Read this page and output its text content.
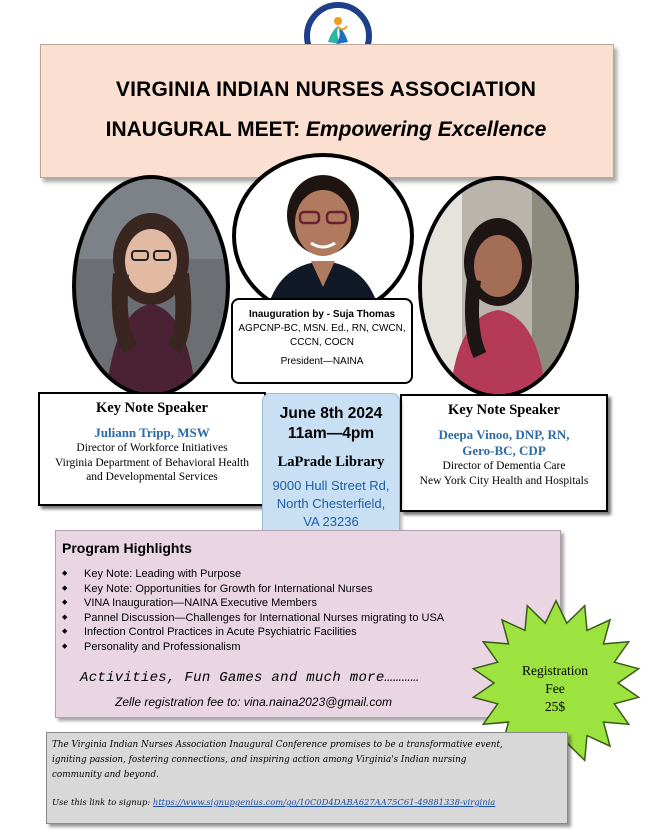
VIRGINIA INDIAN NURSES ASSOCIATION
INAUGURAL MEET: Empowering Excellence
Inauguration by - Suja Thomas
AGPCNP-BC, MSN. Ed., RN, CWCN,
CCCN, COCN
President—NAINA
Key Note Speaker
Juliann Tripp, MSW
Director of Workforce Initiatives
Virginia Department of Behavioral Health
and Developmental Services
Key Note Speaker
Deepa Vinoo, DNP, RN,
Gero-BC, CDP
Director of Dementia Care
New York City Health and Hospitals
June 8th 2024
11am—4pm
LaPrade Library
9000 Hull Street Rd,
North Chesterfield,
VA 23236
Program Highlights
◆ Key Note: Leading with Purpose
◆ Key Note: Opportunities for Growth for International Nurses
◆ VINA Inauguration—NAINA Executive Members
◆ Pannel Discussion—Challenges for International Nurses migrating to USA
◆ Infection Control Practices in Acute Psychiatric Facilities
◆ Personality and Professionalism
Activities, Fun Games and much more…………
Zelle registration fee to: vina.naina2023@gmail.com
Registration
Fee
25$
The Virginia Indian Nurses Association Inaugural Conference promises to be a transformative event, igniting passion, fostering connections, and inspiring action among Virginia's Indian nursing community and beyond.
Use this link to signup: https://www.signupgenius.com/go/10C0D4DABA627AA75C61-49881338-virginia
